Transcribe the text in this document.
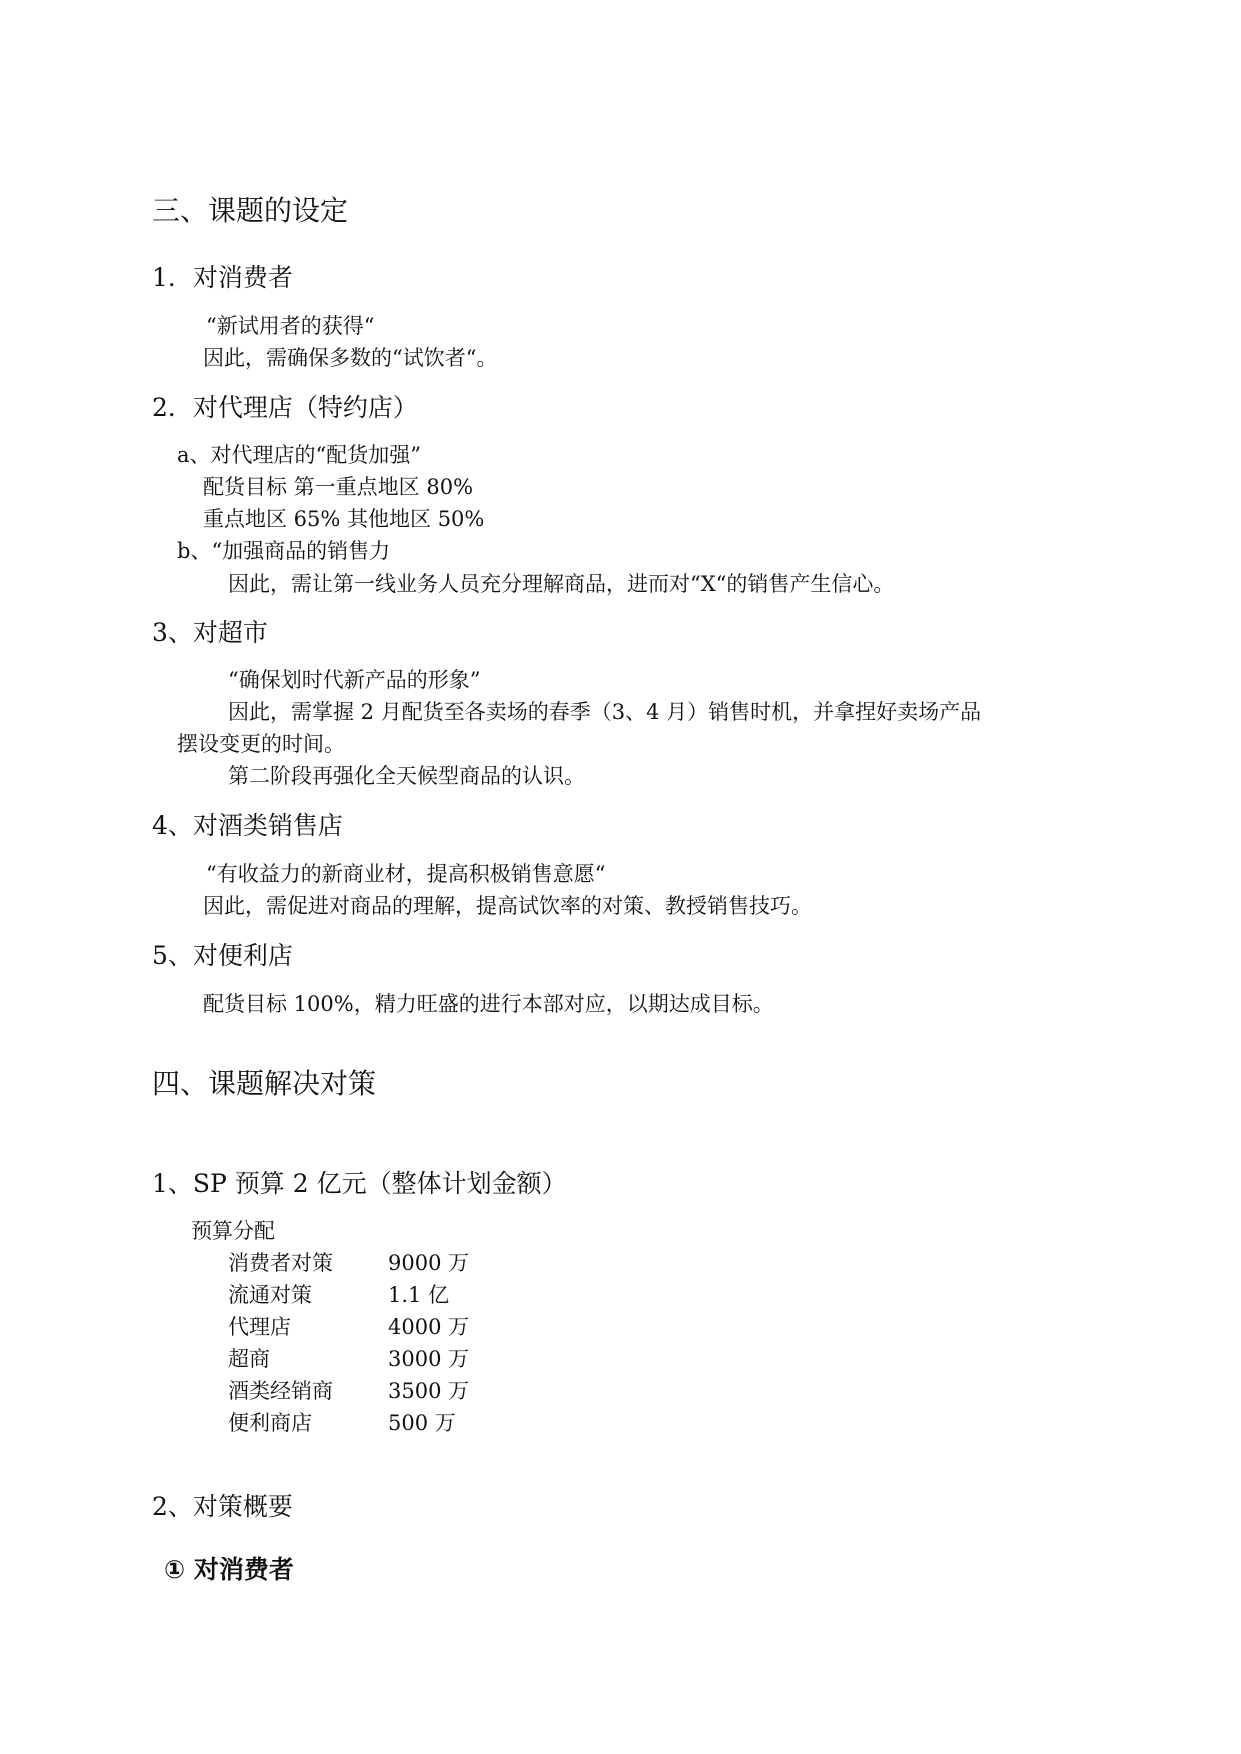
三、课题的设定
1．对消费者
“新试用者的获得“
因此，需确保多数的“试饮者“。
2．对代理店（特约店）
a、对代理店的“配货加强”
配货目标 第一重点地区 80%
重点地区 65% 其他地区 50%
b、“加强商品的销售力
因此，需让第一线业务人员充分理解商品，进而对“X“的销售产生信心。
3、对超市
“确保划时代新产品的形象”
因此，需掌握 2 月配货至各卖场的春季（3、4 月）销售时机，并拿捏好卖场产品
摆设变更的时间。
第二阶段再强化全天候型商品的认识。
4、对酒类销售店
“有收益力的新商业材，提高积极销售意愿“
因此，需促进对商品的理解，提高试饮率的对策、教授销售技巧。
5、对便利店
配货目标 100%，精力旺盛的进行本部对应，以期达成目标。
四、课题解决对策
1、SP 预算 2 亿元（整体计划金额）
预算分配
消费者对策	9000 万
流通对策	1.1 亿
代理店	4000 万
超商	3000 万
酒类经销商	3500 万
便利商店	500 万
2、对策概要
① 对消费者
